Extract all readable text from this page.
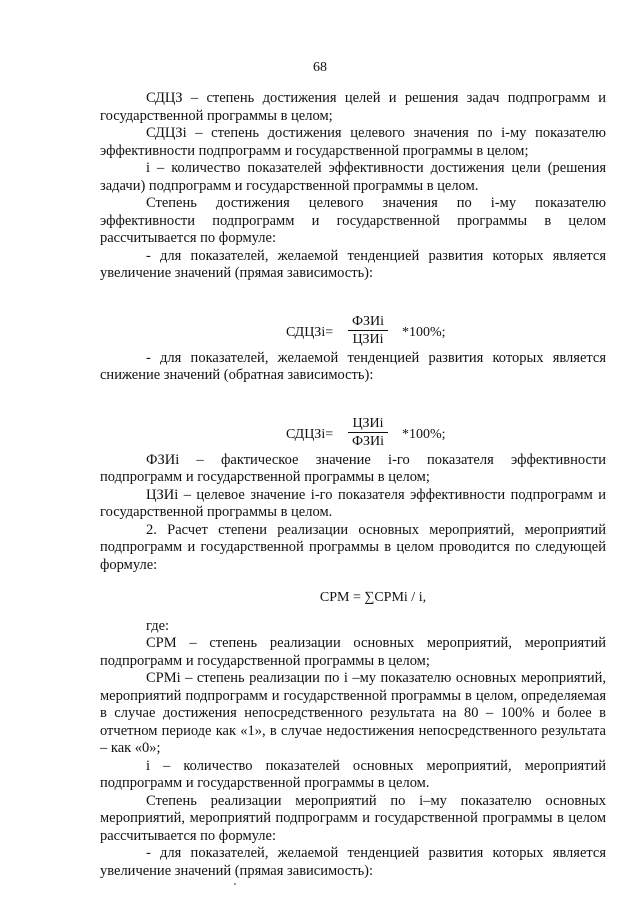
68

СДЦЗ – степень достижения целей и решения задач подпрограмм и государственной программы в целом;

СДЦЗi – степень достижения целевого значения по i-му показателю эффективности подпрограмм и государственной программы в целом;

i – количество показателей эффективности достижения цели (решения задачи) подпрограмм и государственной программы в целом.

Степень достижения целевого значения по i-му показателю эффективности подпрограмм и государственной программы в целом рассчитывается по формуле:

- для показателей, желаемой тенденцией развития которых является увеличение значений (прямая зависимость):

СДЦЗi=
ФЗИi
ЦЗИi	*100%;

- для показателей, желаемой тенденцией развития которых является снижение значений (обратная зависимость):

СДЦЗi=
ЦЗИi
ФЗИi *100%;

ФЗИi – фактическое значение i-го показателя эффективности подпрограмм и государственной программы в целом;

ЦЗИi – целевое значение i-го показателя эффективности подпрограмм и государственной программы в целом.

2. Расчет степени реализации основных мероприятий, мероприятий подпрограмм и государственной программы в целом проводится по следующей формуле:

СРМ = ∑СРМi / i,

где:

СРМ – степень реализации основных мероприятий, мероприятий подпрограмм и государственной программы в целом;

СРМi – степень реализации по i –му показателю основных мероприятий, мероприятий подпрограмм и государственной программы в целом, определяемая в случае достижения непосредственного результата на 80 – 100% и более в отчетном периоде как «1», в случае недостижения непосредственного результата – как «0»;

i – количество показателей основных мероприятий, мероприятий подпрограмм и государственной программы в целом.

Степень реализации мероприятий по i–му показателю основных мероприятий, мероприятий подпрограмм и государственной программы в целом рассчитывается по формуле:

- для показателей, желаемой тенденцией развития которых является увеличение значений (прямая зависимость):
